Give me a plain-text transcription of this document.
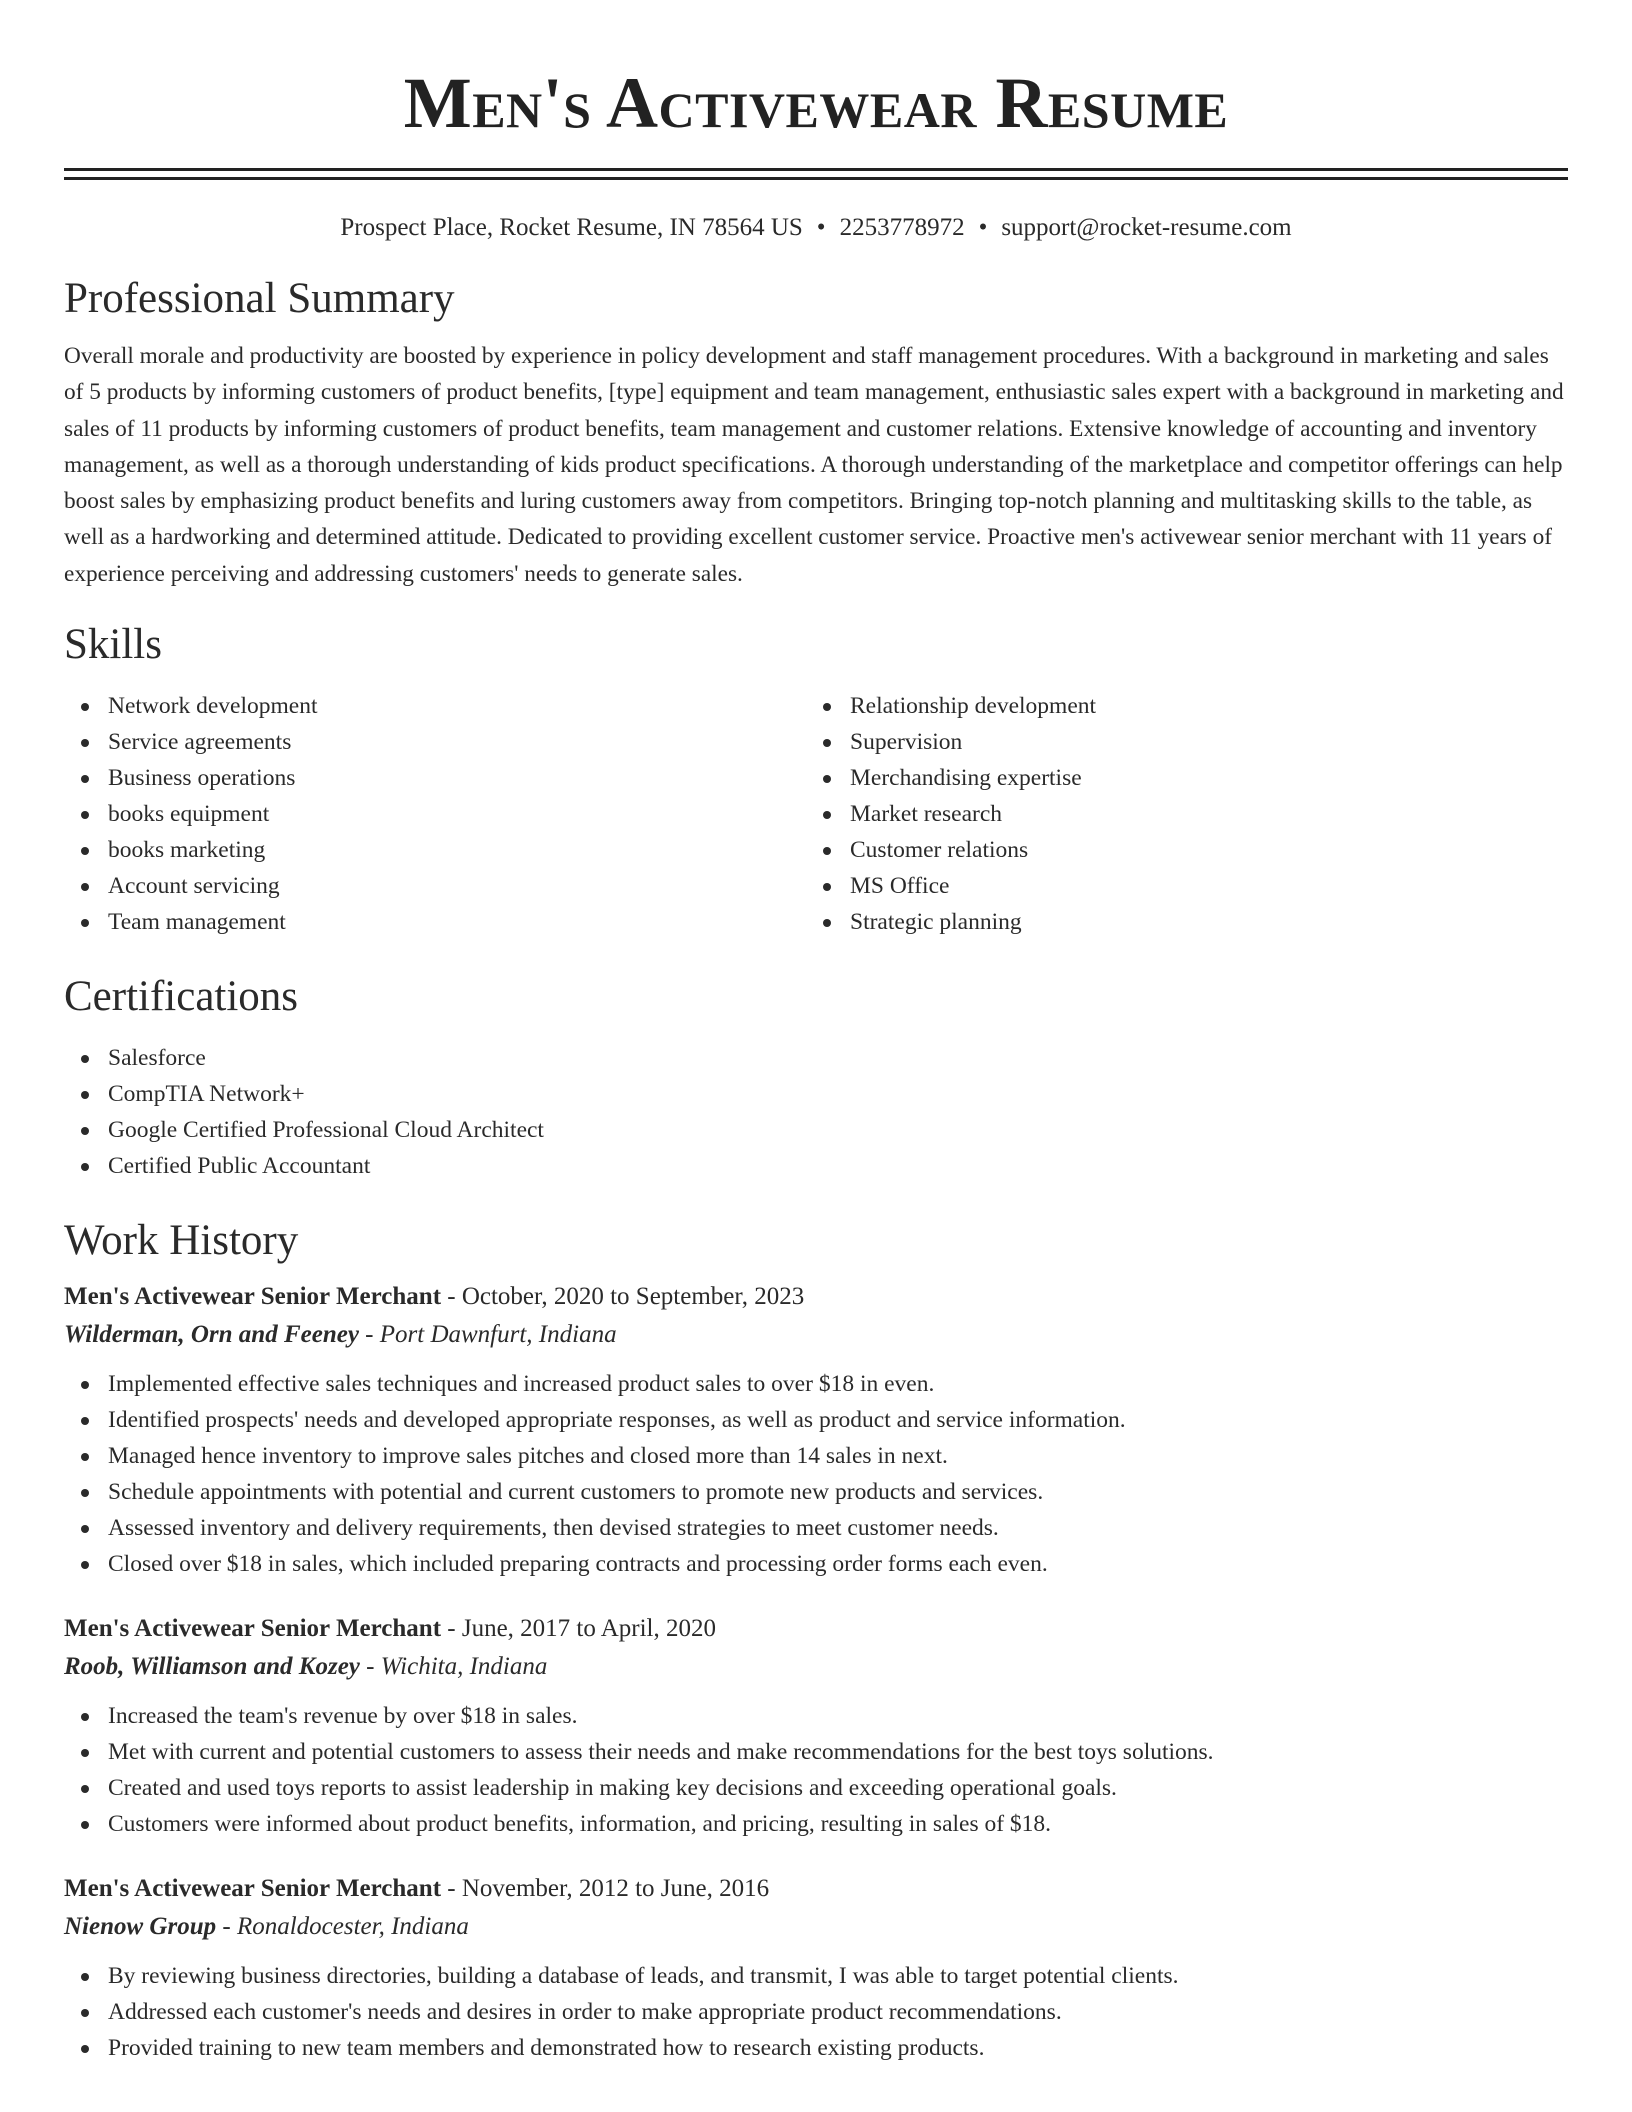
Men's Activewear Resume
Prospect Place, Rocket Resume, IN 78564 US • 2253778972 • support@rocket-resume.com
Professional Summary

Overall morale and productivity are boosted by experience in policy development and staff management procedures. With a background in marketing and sales of 5 products by informing customers of product benefits, [type] equipment and team management, enthusiastic sales expert with a background in marketing and sales of 11 products by informing customers of product benefits, team management and customer relations. Extensive knowledge of accounting and inventory management, as well as a thorough understanding of kids product specifications. A thorough understanding of the marketplace and competitor offerings can help boost sales by emphasizing product benefits and luring customers away from competitors. Bringing top-notch planning and multitasking skills to the table, as well as a hardworking and determined attitude. Dedicated to providing excellent customer service. Proactive men's activewear senior merchant with 11 years of experience perceiving and addressing customers' needs to generate sales.

Skills
Network development
Service agreements
Business operations
books equipment
books marketing
Account servicing
Team management
Relationship development
Supervision
Merchandising expertise
Market research
Customer relations
MS Office
Strategic planning
Certifications
Salesforce
CompTIA Network+
Google Certified Professional Cloud Architect
Certified Public Accountant
Work History
Men's Activewear Senior Merchant - October, 2020 to September, 2023
Wilderman, Orn and Feeney - Port Dawnfurt, Indiana
Implemented effective sales techniques and increased product sales to over $18 in even.
Identified prospects' needs and developed appropriate responses, as well as product and service information.
Managed hence inventory to improve sales pitches and closed more than 14 sales in next.
Schedule appointments with potential and current customers to promote new products and services.
Assessed inventory and delivery requirements, then devised strategies to meet customer needs.
Closed over $18 in sales, which included preparing contracts and processing order forms each even.
Men's Activewear Senior Merchant - June, 2017 to April, 2020
Roob, Williamson and Kozey - Wichita, Indiana
Increased the team's revenue by over $18 in sales.
Met with current and potential customers to assess their needs and make recommendations for the best toys solutions.
Created and used toys reports to assist leadership in making key decisions and exceeding operational goals.
Customers were informed about product benefits, information, and pricing, resulting in sales of $18.
Men's Activewear Senior Merchant - November, 2012 to June, 2016
Nienow Group - Ronaldocester, Indiana
By reviewing business directories, building a database of leads, and transmit, I was able to target potential clients.
Addressed each customer's needs and desires in order to make appropriate product recommendations.
Provided training to new team members and demonstrated how to research existing products.
